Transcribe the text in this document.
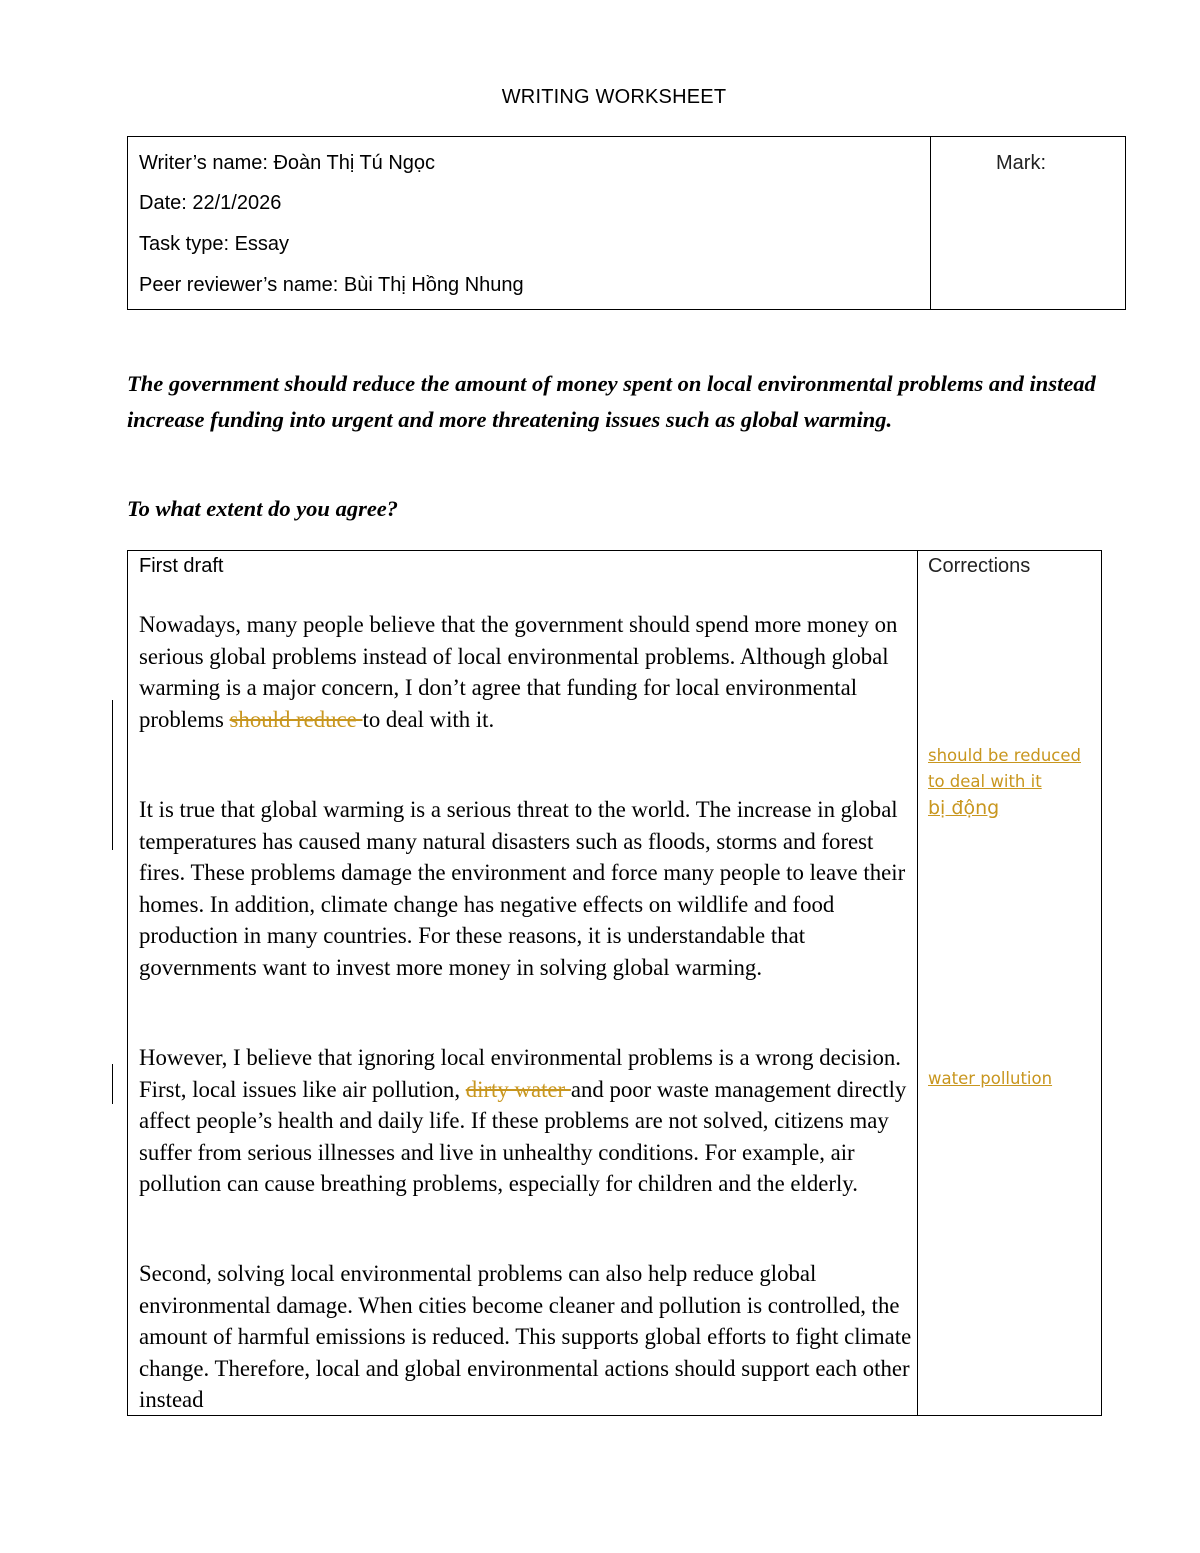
WRITING WORKSHEET
Writer’s name: Đoàn Thị Tú Ngọc
Date: 22/1/2026
Task type: Essay
Peer reviewer’s name: Bùi Thị Hồng Nhung
Mark:
The government should reduce the amount of money spent on local environmental problems and instead increase funding into urgent and more threatening issues such as global warming.
To what extent do you agree?
First draft

Nowadays, many people believe that the government should spend more money on serious global problems instead of local environmental problems. Although global warming is a major concern, I don’t agree that funding for local environmental problems should reduce to deal with it.

It is true that global warming is a serious threat to the world. The increase in global temperatures has caused many natural disasters such as floods, storms and forest fires. These problems damage the environment and force many people to leave their homes. In addition, climate change has negative effects on wildlife and food production in many countries. For these reasons, it is understandable that governments want to invest more money in solving global warming.

However, I believe that ignoring local environmental problems is a wrong decision. First, local issues like air pollution, dirty water and poor waste management directly affect people’s health and daily life. If these problems are not solved, citizens may suffer from serious illnesses and live in unhealthy conditions. For example, air pollution can cause breathing problems, especially for children and the elderly.

Second, solving local environmental problems can also help reduce global environmental damage. When cities become cleaner and pollution is controlled, the amount of harmful emissions is reduced. This supports global efforts to fight climate change. Therefore, local and global environmental actions should support each other instead

Corrections
should be reduced
to deal with it
bị động
water pollution
